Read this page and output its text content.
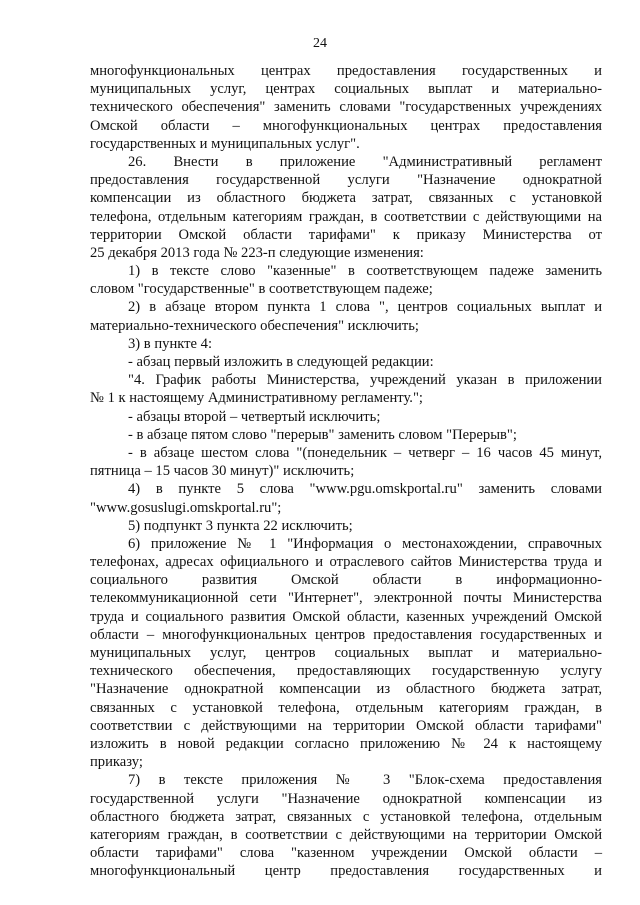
24
многофункциональных центрах предоставления государственных и
муниципальных услуг, центрах социальных выплат и материально-
технического обеспечения" заменить словами "государственных учреждениях
Омской области – многофункциональных центрах предоставления
государственных и муниципальных услуг".
26. Внести в приложение "Административный регламент
предоставления государственной услуги "Назначение однократной
компенсации из областного бюджета затрат, связанных с установкой
телефона, отдельным категориям граждан, в соответствии с действующими на
территории Омской области тарифами" к приказу Министерства от
25 декабря 2013 года № 223-п следующие изменения:
1) в тексте слово "казенные" в соответствующем падеже заменить
словом "государственные" в соответствующем падеже;
2) в абзаце втором пункта 1 слова ", центров социальных выплат и
материально-технического обеспечения" исключить;
3) в пункте 4:
- абзац первый изложить в следующей редакции:
"4. График работы Министерства, учреждений указан в приложении
№ 1 к настоящему Административному регламенту.";
- абзацы второй – четвертый исключить;
- в абзаце пятом слово "перерыв" заменить словом "Перерыв";
- в абзаце шестом слова "(понедельник – четверг – 16 часов 45 минут,
пятница – 15 часов 30 минут)" исключить;
4) в пункте 5 слова "www.pgu.omskportal.ru" заменить словами
"www.gosuslugi.omskportal.ru";
5) подпункт 3 пункта 22 исключить;
6) приложение № 1 "Информация о местонахождении, справочных
телефонах, адресах официального и отраслевого сайтов Министерства труда и
социального развития Омской области в информационно-
телекоммуникационной сети "Интернет", электронной почты Министерства
труда и социального развития Омской области, казенных учреждений Омской
области – многофункциональных центров предоставления государственных и
муниципальных услуг, центров социальных выплат и материально-
технического обеспечения, предоставляющих государственную услугу
"Назначение однократной компенсации из областного бюджета затрат,
связанных с установкой телефона, отдельным категориям граждан, в
соответствии с действующими на территории Омской области тарифами"
изложить в новой редакции согласно приложению № 24 к настоящему
приказу;
7) в тексте приложения № 3 "Блок-схема предоставления
государственной услуги "Назначение однократной компенсации из
областного бюджета затрат, связанных с установкой телефона, отдельным
категориям граждан, в соответствии с действующими на территории Омской
области тарифами" слова "казенном учреждении Омской области –
многофункциональный центр предоставления государственных и
